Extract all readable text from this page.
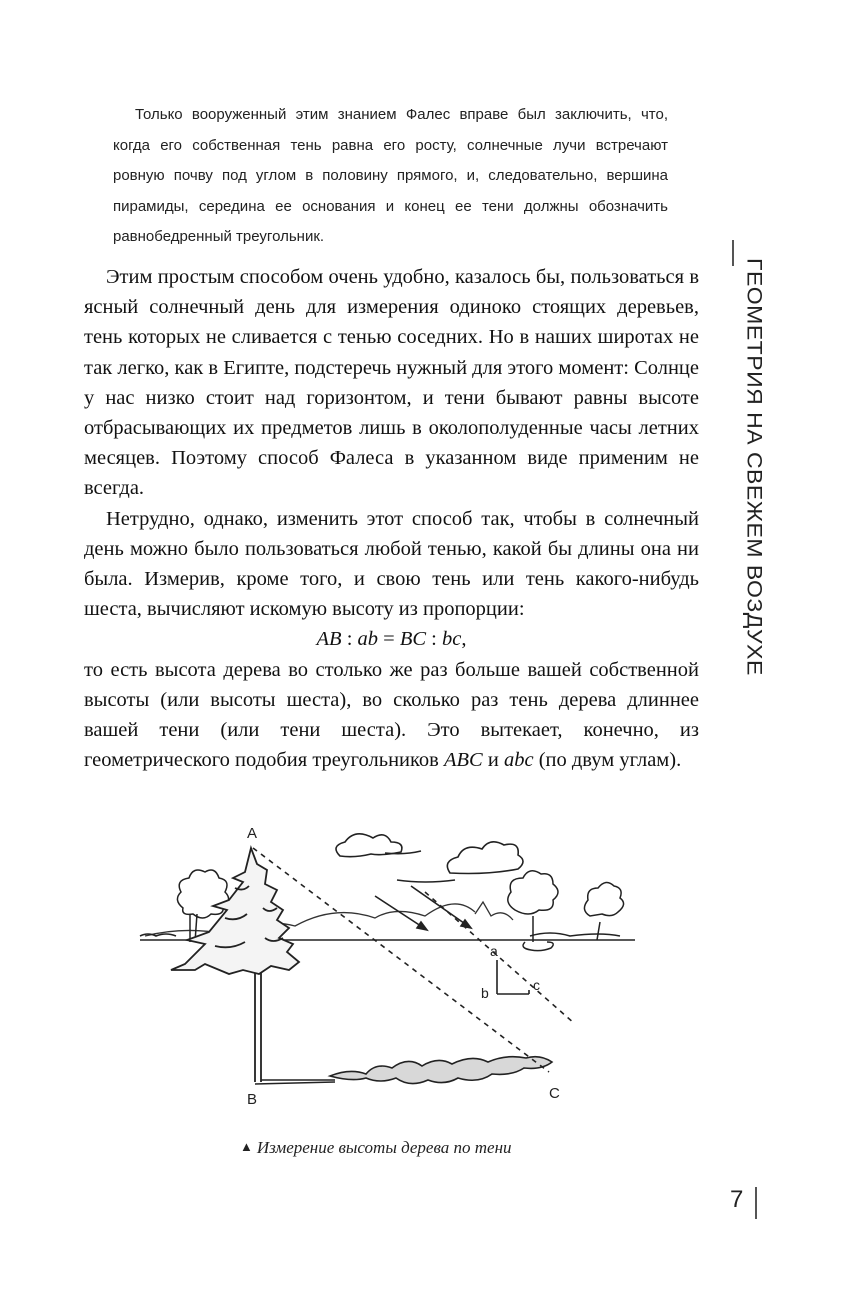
Только вооруженный этим знанием Фалес вправе был заключить, что, когда его собственная тень равна его росту, солнечные лучи встречают ровную почву под углом в половину прямого, и, следовательно, вершина пирамиды, середина ее основания и конец ее тени должны обозначить равнобедренный треугольник.

ГЕОМЕТРИЯ НА СВЕЖЕМ ВОЗДУХЕ

Этим простым способом очень удобно, казалось бы, пользоваться в ясный солнечный день для измерения одиноко стоящих деревьев, тень которых не сливается с тенью соседних. Но в наших широтах не так легко, как в Египте, подстеречь нужный для этого момент: Солнце у нас низко стоит над горизонтом, и тени бывают равны высоте отбрасывающих их предметов лишь в околополуденные часы летних месяцев. Поэтому способ Фалеса в указанном виде применим не всегда.

Нетрудно, однако, изменить этот способ так, чтобы в солнечный день можно было пользоваться любой тенью, какой бы длины она ни была. Измерив, кроме того, и свою тень или тень какого-нибудь шеста, вычисляют искомую высоту из пропорции:

AB : ab = BC : bc,

то есть высота дерева во столько же раз больше вашей собственной высоты (или высоты шеста), во сколько раз тень дерева длиннее вашей тени (или тени шеста). Это вытекает, конечно, из геометрического подобия треугольников ABC и abc (по двум углам).

A
B	C
a
b	c
▲ Измерение высоты дерева по тени
7
